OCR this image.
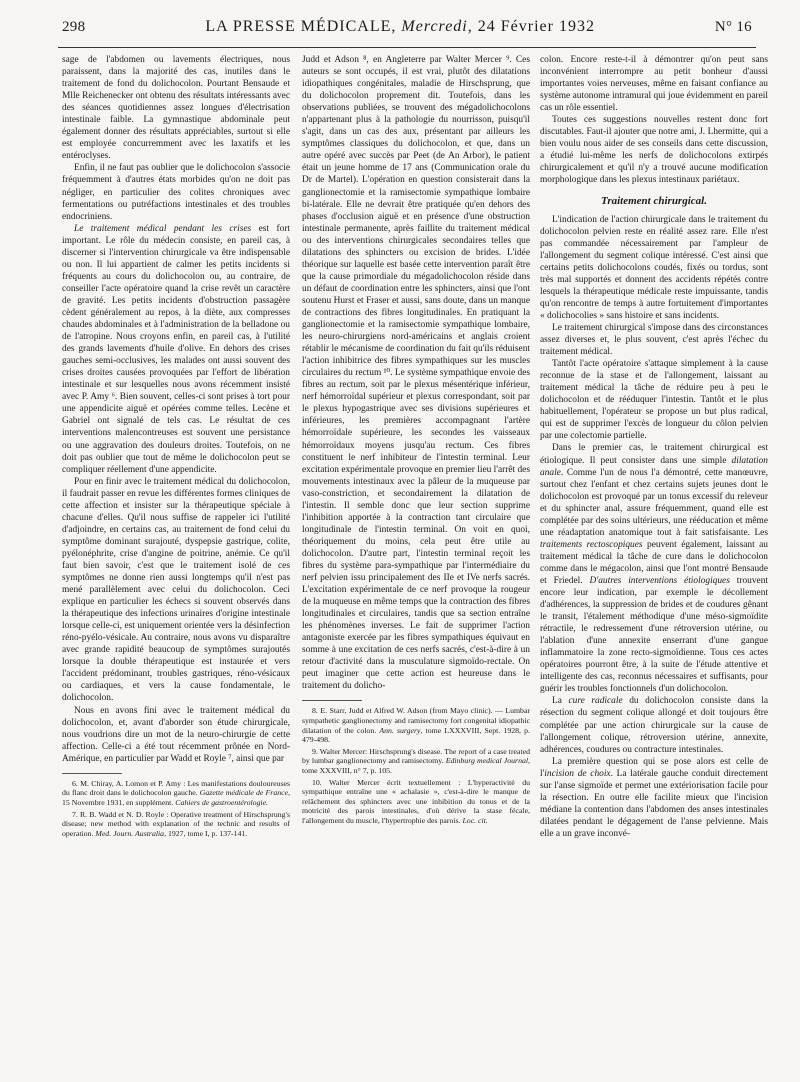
298	LA PRESSE MÉDICALE, Mercredi, 24 Février 1932	N° 16

sage de l'abdomen ou lavements électriques, nous paraissent, dans la majorité des cas, inutiles dans le traitement de fond du dolichocolon. Pourtant Bensaude et Mlle Reichenecker ont obtenu des résultats intéressants avec des séances quotidiennes assez longues d'électrisation intestinale faible. La gymnastique abdominale peut également donner des résultats appréciables, surtout si elle est employée concurremment avec les laxatifs et les entéroclyses.

Enfin, il ne faut pas oublier que le dolichocolon s'associe fréquemment à d'autres états morbides qu'on ne doit pas négliger, en particulier des colites chroniques avec fermentations ou putréfactions intestinales et des troubles endocriniens.

Le traitement médical pendant les crises est fort important. Le rôle du médecin consiste, en pareil cas, à discerner si l'intervention chirurgicale va être indispensable ou non. Il lui appartient de calmer les petits incidents si fréquents au cours du dolichocolon ou, au contraire, de conseiller l'acte opératoire quand la crise revêt un caractère de gravité. Les petits incidents d'obstruction passagère cèdent généralement au repos, à la diète, aux compresses chaudes abdominales et à l'administration de la belladone ou de l'atropine. Nous croyons enfin, en pareil cas, à l'utilité des grands lavements d'huile d'olive. En dehors des crises gauches semi-occlusives, les malades ont aussi souvent des crises droites causées provoquées par l'effort de libération intestinale et sur lesquelles nous avons récemment insisté avec P. Amy ⁶. Bien souvent, celles-ci sont prises à tort pour une appendicite aiguë et opérées comme telles. Lecène et Gabriel ont signalé de tels cas. Le résultat de ces interventions malencontreuses est souvent une persistance ou une aggravation des douleurs droites. Toutefois, on ne doit pas oublier que tout de même le dolichocolon peut se compliquer réellement d'une appendicite.

Pour en finir avec le traitement médical du dolichocolon, il faudrait passer en revue les différentes formes cliniques de cette affection et insister sur la thérapeutique spéciale à chacune d'elles. Qu'il nous suffise de rappeler ici l'utilité d'adjoindre, en certains cas, au traitement de fond celui du symptôme dominant surajouté, dyspepsie gastrique, colite, pyélonéphrite, crise d'angine de poitrine, anémie. Ce qu'il faut bien savoir, c'est que le traitement isolé de ces symptômes ne donne rien aussi longtemps qu'il n'est pas mené parallèlement avec celui du dolichocolon. Ceci explique en particulier les échecs si souvent observés dans la thérapeutique des infections urinaires d'origine intestinale lorsque celle-ci, est uniquement orientée vers la désinfection réno-pyélo-vésicale. Au contraire, nous avons vu disparaître avec grande rapidité beaucoup de symptômes surajoutés lorsque la double thérapeutique est instaurée et vers l'accident prédominant, troubles gastriques, réno-vésicaux ou cardiaques, et vers la cause fondamentale, le dolichocolon.

Nous en avons fini avec le traitement médical du dolichocolon, et, avant d'aborder son étude chirurgicale, nous voudrions dire un mot de la neuro-chirurgie de cette affection. Celle-ci a été tout récemment prônée en Nord-Amérique, en particulier par Wadd et Royle ⁷, ainsi que par

6. M. Chiray, A. Lomon et P. Amy : Les manifestations douloureuses du flanc droit dans le dolichocolon gauche. Gazette médicale de France, 15 Novembre 1931, en supplément. Cahiers de gastroentérologie.

7. R. B. Wadd et N. D. Royle : Operative treatment of Hirschsprung's disease; new method with explanation of the technic and results of operation. Med. Journ. Australia, 1927, tome I, p. 137-141.

Judd et Adson ⁸, en Angleterre par Walter Mercer ⁹. Ces auteurs se sont occupés, il est vrai, plutôt des dilatations idiopathiques congénitales, maladie de Hirschsprung, que du dolichocolon proprement dit. Toutefois, dans les observations publiées, se trouvent des mégadolichocolons n'appartenant plus à la pathologie du nourrisson, puisqu'il s'agit, dans un cas des aux, présentant par ailleurs les symptômes classiques du dolichocolon, et que, dans un autre opéré avec succès par Peet (de An Arbor), le patient était un jeune homme de 17 ans (Communication orale du Dr de Martel). L'opération en question consisterait dans la ganglionectomie et la ramisectomie sympathique lombaire bi-latérale. Elle ne devrait être pratiquée qu'en dehors des phases d'occlusion aiguë et en présence d'une obstruction intestinale permanente, après faillite du traitement médical ou des interventions chirurgicales secondaires telles que dilatations des sphincters ou excision de brides. L'idée théorique sur laquelle est basée cette intervention paraît être que la cause primordiale du mégadolichocolon réside dans un défaut de coordination entre les sphincters, ainsi que l'ont soutenu Hurst et Fraser et aussi, sans doute, dans un manque de contractions des fibres longitudinales. En pratiquant la ganglionectomie et la ramisectomie sympathique lombaire, les neuro-chirurgiens nord-américains et anglais croient rétablir le mécanisme de coordination du fait qu'ils réduisent l'action inhibitrice des fibres sympathiques sur les muscles circulaires du rectum ¹⁰. Le système sympathique envoie des fibres au rectum, soit par le plexus mésentérique inférieur, nerf hémorroïdal supérieur et plexus correspondant, soit par le plexus hypogastrique avec ses divisions supérieures et inférieures, les premières accompagnant l'artère hémorroïdale supérieure, les secondes les vaisseaux hémorroïdaux moyens jusqu'au rectum. Ces fibres constituent le nerf inhibiteur de l'intestin terminal. Leur excitation expérimentale provoque en premier lieu l'arrêt des mouvements intestinaux avec la pâleur de la muqueuse par vaso-constriction, et secondairement la dilatation de l'intestin. Il semble donc que leur section supprime l'inhibition apportée à la contraction tant circulaire que longitudinale de l'intestin terminal. On voit en quoi, théoriquement du moins, cela peut être utile au dolichocolon. D'autre part, l'intestin terminal reçoit les fibres du système para-sympathique par l'intermédiaire du nerf pelvien issu principalement des IIe et IVe nerfs sacrés. L'excitation expérimentale de ce nerf provoque la rougeur de la muqueuse en même temps que la contraction des fibres longitudinales et circulaires, tandis que sa section entraîne les phénomènes inverses. Le fait de supprimer l'action antagoniste exercée par les fibres sympathiques équivaut en somme à une excitation de ces nerfs sacrés, c'est-à-dire à un retour d'activité dans la musculature sigmoïdo-rectale. On peut imaginer que cette action est heureuse dans le traitement du dolicho-

8. E. Starr, Judd et Alfred W. Adson (from Mayo clinic). — Lumbar sympathetic ganglionectomy and ramisectomy fort congenital idiopathic dilatation of the colon. Ann. surgery, tome LXXXVIII, Sept. 1928, p. 479-498.

9. Walter Mercer: Hirschsprung's disease. The report of a case treated by lumbar ganglionectomy and ramisectomy. Edinburg medical Journal, tome XXXVIII, n° 7, p. 105.

10. Walter Mercer écrit textuellement : L'hyperactivité du sympathique entraîne une « achalasie », c'est-à-dire le manque de relâchement des sphincters avec une inhibition du tonus et de la motricité des parois intestinales, d'où dérive la stase fécale, l'allongement du muscle, l'hypertrophie des parois. Loc. cit.

colon. Encore reste-t-il à démontrer qu'on peut sans inconvénient interrompre au petit bonheur d'aussi importantes voies nerveuses, même en faisant confiance au système autonome intramural qui joue évidemment en pareil cas un rôle essentiel.

Toutes ces suggestions nouvelles restent donc fort discutables. Faut-il ajouter que notre ami, J. Lhermitte, qui a bien voulu nous aider de ses conseils dans cette discussion, a étudié lui-même les nerfs de dolichocolons extirpés chirurgicalement et qu'il n'y a trouvé aucune modification morphologique dans les plexus intestinaux pariétaux.

Traitement chirurgical.

L'indication de l'action chirurgicale dans le traitement du dolichocolon pelvien reste en réalité assez rare. Elle n'est pas commandée nécessairement par l'ampleur de l'allongement du segment colique intéressé. C'est ainsi que certains petits dolichocolons coudés, fixés ou tordus, sont très mal supportés et donnent des accidents répétés contre lesquels la thérapeutique médicale reste impuissante, tandis qu'on rencontre de temps à autre fortuitement d'importantes « dolichocolies » sans histoire et sans incidents.

Le traitement chirurgical s'impose dans des circonstances assez diverses et, le plus souvent, c'est après l'échec du traitement médical.

Tantôt l'acte opératoire s'attaque simplement à la cause reconnue de la stase et de l'allongement, laissant au traitement médical la tâche de réduire peu à peu le dolichocolon et de rééduquer l'intestin. Tantôt et le plus habituellement, l'opérateur se propose un but plus radical, qui est de supprimer l'excès de longueur du côlon pelvien par une colectomie partielle.

Dans le premier cas, le traitement chirurgical est étiologique. Il peut consister dans une simple dilatation anale. Comme l'un de nous l'a démontré, cette manœuvre, surtout chez l'enfant et chez certains sujets jeunes dont le dolichocolon est provoqué par un tonus excessif du releveur et du sphincter anal, assure fréquemment, quand elle est complétée par des soins ultérieurs, une rééducation et même une réadaptation anatomique tout à fait satisfaisante. Les traitements rectoscopiques peuvent également, laissant au traitement médical la tâche de cure dans le dolichocolon comme dans le mégacolon, ainsi que l'ont montré Bensaude et Friedel. D'autres interventions étiologiques trouvent encore leur indication, par exemple le décollement d'adhérences, la suppression de brides et de coudures gênant le transit, l'étalement méthodique d'une méso-sigmoïdite rétractile, le redressement d'une rétroversion utérine, ou l'ablation d'une annexite enserrant d'une gangue inflammatoire la zone recto-sigmoïdienne. Tous ces actes opératoires pourront être, à la suite de l'étude attentive et intelligente des cas, reconnus nécessaires et suffisants, pour guérir les troubles fonctionnels d'un dolichocolon.

La cure radicale du dolichocolon consiste dans la résection du segment colique allongé et doit toujours être complétée par une action chirurgicale sur la cause de l'allongement colique, rétroversion utérine, annexite, adhérences, coudures ou contracture intestinales.

La première question qui se pose alors est celle de l'incision de choix. La latérale gauche conduit directement sur l'anse sigmoïde et permet une extériorisation facile pour la résection. En outre elle facilite mieux que l'incision médiane la contention dans l'abdomen des anses intestinales dilatées pendant le dégagement de l'anse pelvienne. Mais elle a un grave inconvé-
